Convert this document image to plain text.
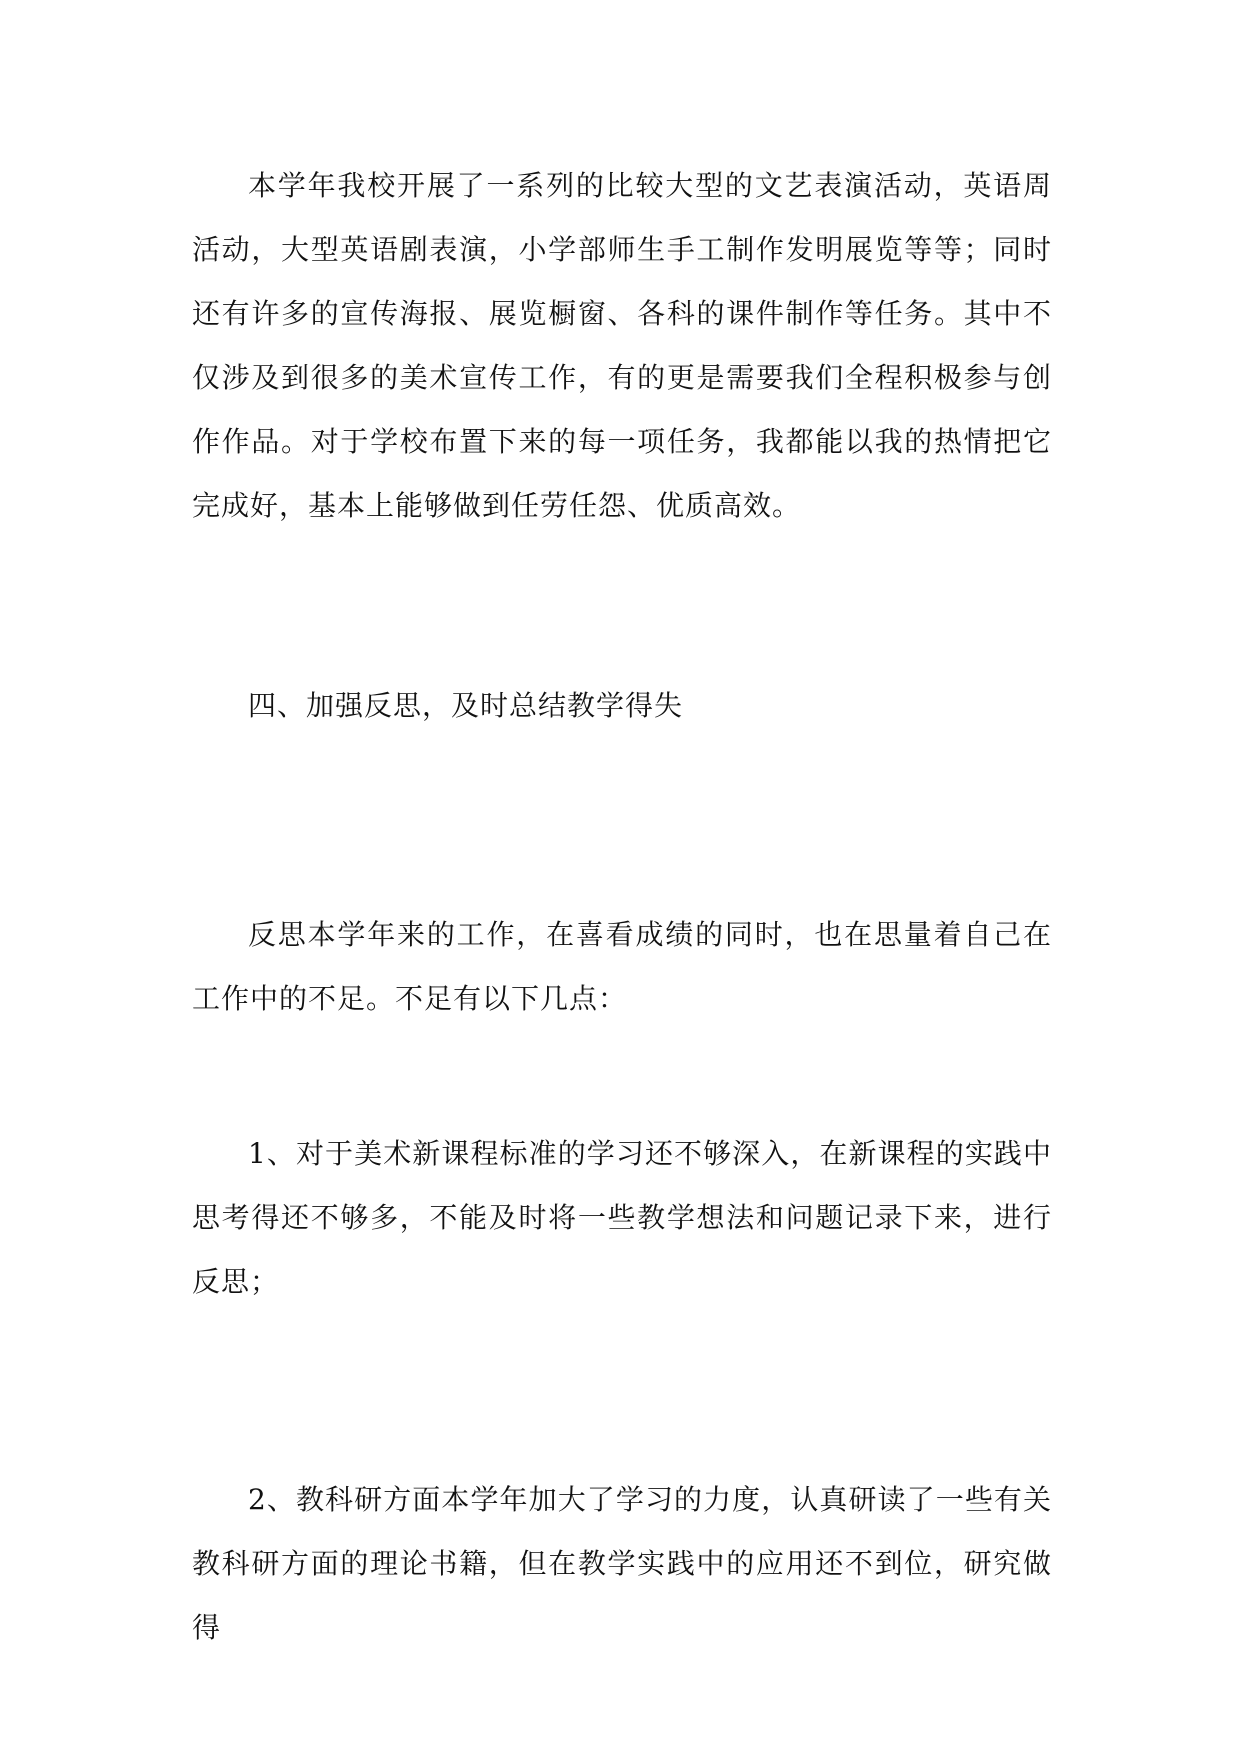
本学年我校开展了一系列的比较大型的文艺表演活动，英语周活动，大型英语剧表演，小学部师生手工制作发明展览等等；同时还有许多的宣传海报、展览橱窗、各科的课件制作等任务。其中不仅涉及到很多的美术宣传工作，有的更是需要我们全程积极参与创作作品。对于学校布置下来的每一项任务，我都能以我的热情把它完成好，基本上能够做到任劳任怨、优质高效。

四、加强反思，及时总结教学得失

反思本学年来的工作，在喜看成绩的同时，也在思量着自己在工作中的不足。不足有以下几点：

1、对于美术新课程标准的学习还不够深入，在新课程的实践中思考得还不够多，不能及时将一些教学想法和问题记录下来，进行反思；

2、教科研方面本学年加大了学习的力度，认真研读了一些有关教科研方面的理论书籍，但在教学实践中的应用还不到位，研究做得
